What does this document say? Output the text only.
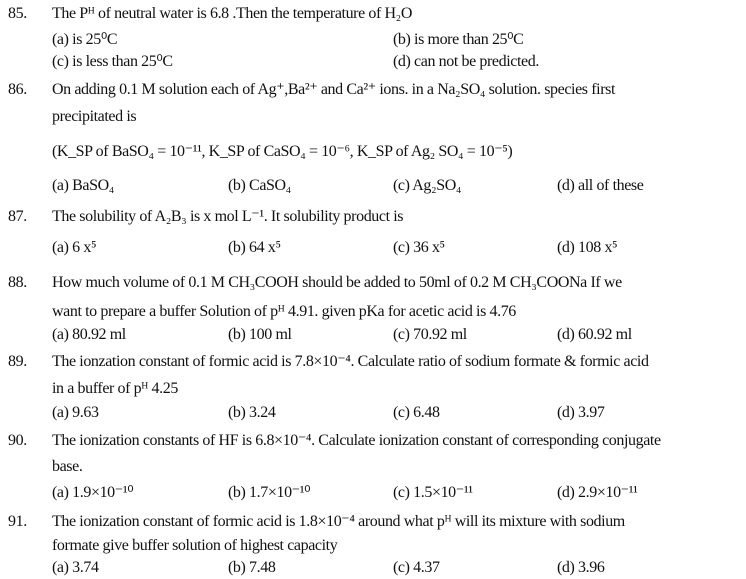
85. The Pᴴ of neutral water is 6.8 .Then the temperature of H₂O
(a) is 25⁰C	(b) is more than 25⁰C
(c) is less than 25⁰C	(d) can not be predicted.
86. On adding 0.1 M solution each of Ag⁺,Ba²⁺ and Ca²⁺ ions. in a Na₂SO₄ solution. species first
precipitated is
(K_SP of BaSO₄ = 10⁻¹¹, K_SP of CaSO₄ = 10⁻⁶, K_SP of Ag₂ SO₄ = 10⁻⁵)
(a) BaSO₄	(b) CaSO₄	(c) Ag₂SO₄	(d) all of these
87. The solubility of A₂B₃ is x mol L⁻¹. It solubility product is
(a) 6 x⁵	(b) 64 x⁵	(c) 36 x⁵	(d) 108 x⁵
88. How much volume of 0.1 M CH₃COOH should be added to 50ml of 0.2 M CH₃COONa If we
want to prepare a buffer Solution of pᴴ 4.91. given pKa for acetic acid is 4.76
(a) 80.92 ml	(b) 100 ml	(c) 70.92 ml	(d) 60.92 ml
89. The ionzation constant of formic acid is 7.8×10⁻⁴. Calculate ratio of sodium formate & formic acid
in a buffer of pᴴ 4.25
(a) 9.63	(b) 3.24	(c) 6.48	(d) 3.97
90. The ionization constants of HF is 6.8×10⁻⁴. Calculate ionization constant of corresponding conjugate
base.
(a) 1.9×10⁻¹⁰	(b) 1.7×10⁻¹⁰	(c) 1.5×10⁻¹¹	(d) 2.9×10⁻¹¹
91. The ionization constant of formic acid is 1.8×10⁻⁴ around what pᴴ will its mixture with sodium
formate give buffer solution of highest capacity
(a) 3.74	(b) 7.48	(c) 4.37	(d) 3.96
